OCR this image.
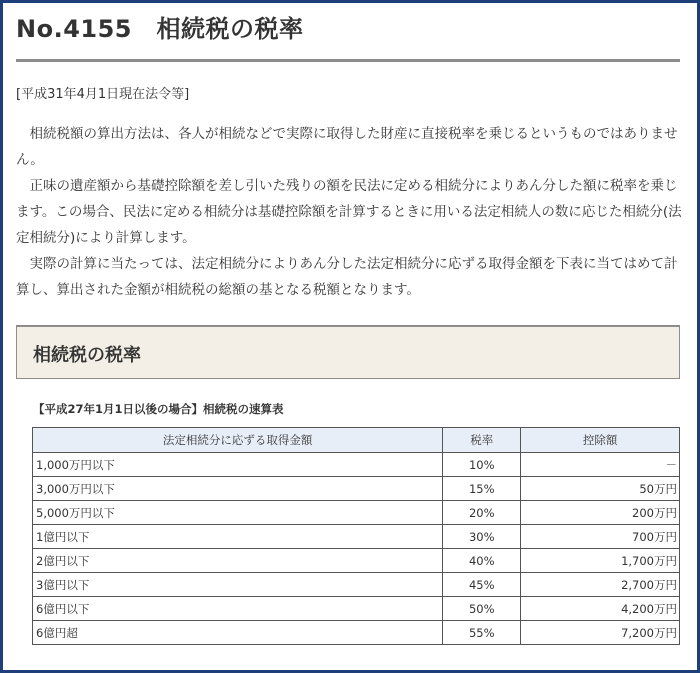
No.4155　相続税の税率
[平成31年4月1日現在法令等]

相続税額の算出方法は、各人が相続などで実際に取得した財産に直接税率を乗じるというものではありません。

正味の遺産額から基礎控除額を差し引いた残りの額を民法に定める相続分によりあん分した額に税率を乗じます。この場合、民法に定める相続分は基礎控除額を計算するときに用いる法定相続人の数に応じた相続分(法定相続分)により計算します。

実際の計算に当たっては、法定相続分によりあん分した法定相続分に応ずる取得金額を下表に当てはめて計算し、算出された金額が相続税の総額の基となる税額となります。

相続税の税率
【平成27年1月1日以後の場合】相続税の速算表
法定相続分に応ずる取得金額	税率	控除額
1,000万円以下	10%	－
3,000万円以下	15%	50万円
5,000万円以下	20%	200万円
1億円以下	30%	700万円
2億円以下	40%	1,700万円
3億円以下	45%	2,700万円
6億円以下	50%	4,200万円
6億円超	55%	7,200万円
